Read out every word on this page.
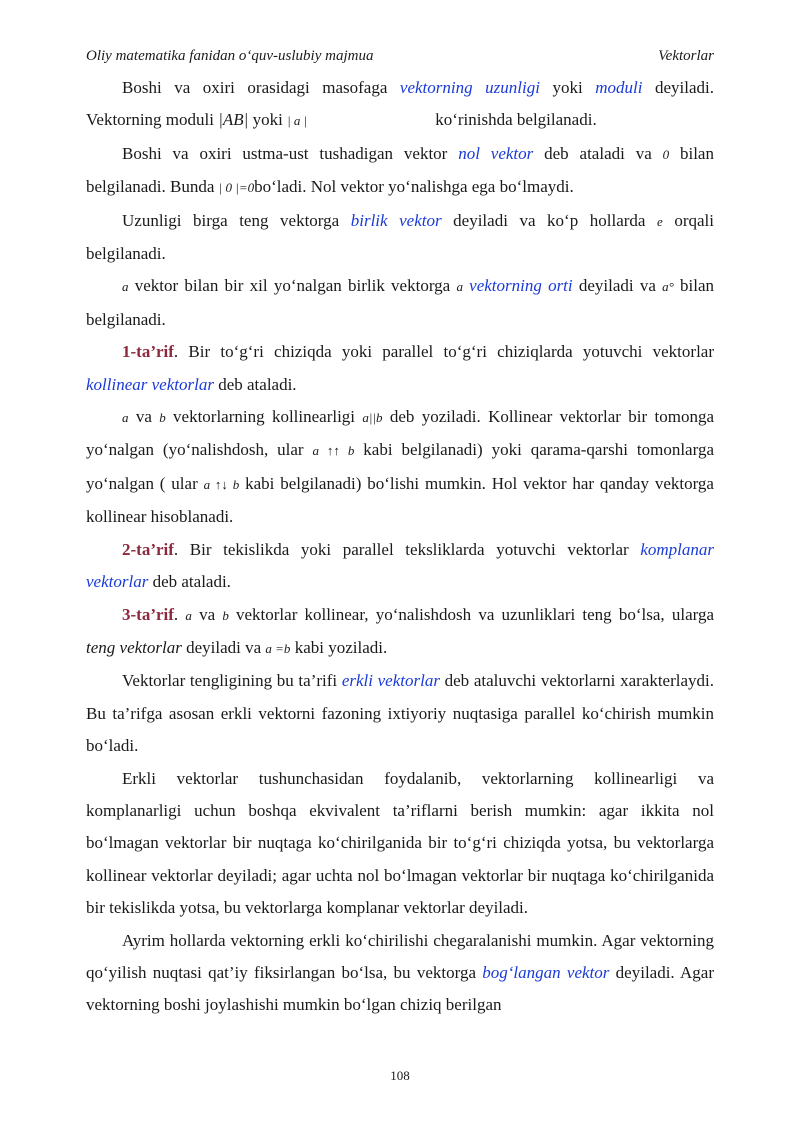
Oliy matematika fanidan o‘quv-uslubiy majmua	Vektorlar

Boshi va oxiri orasidagi masofaga vektorning uzunligi yoki moduli deyiladi. Vektorning moduli |AB| yoki | a |	ko‘rinishda belgilanadi.

Boshi va oxiri ustma-ust tushadigan vektor nol vektor deb ataladi va 0 bilan belgilanadi. Bunda | 0 |=0bo‘ladi. Nol vektor yo‘nalishga ega bo‘lmaydi.

Uzunligi birga teng vektorga birlik vektor deyiladi va ko‘p hollarda e orqali belgilanadi.

a vektor bilan bir xil yo‘nalgan birlik vektorga a vektorning orti deyiladi va a° bilan belgilanadi.

1-ta’rif. Bir to‘g‘ri chiziqda yoki parallel to‘g‘ri chiziqlarda yotuvchi vektorlar kollinear vektorlar deb ataladi.

a va b vektorlarning kollinearligi a||b deb yoziladi. Kollinear vektorlar bir tomonga yo‘nalgan (yo‘nalishdosh, ular a ↑↑ b kabi belgilanadi) yoki qarama-qarshi tomonlarga yo‘nalgan ( ular a ↑↓ b kabi belgilanadi) bo‘lishi mumkin. Hol vektor har qanday vektorga kollinear hisoblanadi.

2-ta’rif. Bir tekislikda yoki parallel teksliklarda yotuvchi vektorlar komplanar vektorlar deb ataladi.

3-ta’rif. a va b vektorlar kollinear, yo‘nalishdosh va uzunliklari teng bo‘lsa, ularga teng vektorlar deyiladi va a =b kabi yoziladi.

Vektorlar tengligining bu ta’rifi erkli vektorlar deb ataluvchi vektorlarni xarakterlaydi. Bu ta’rifga asosan erkli vektorni fazoning ixtiyoriy nuqtasiga parallel ko‘chirish mumkin bo‘ladi.

Erkli vektorlar tushunchasidan foydalanib, vektorlarning kollinearligi va komplanarligi uchun boshqa ekvivalent ta’riflarni berish mumkin: agar ikkita nol bo‘lmagan vektorlar bir nuqtaga ko‘chirilganida bir to‘g‘ri chiziqda yotsa, bu vektorlarga kollinear vektorlar deyiladi; agar uchta nol bo‘lmagan vektorlar bir nuqtaga ko‘chirilganida bir tekislikda yotsa, bu vektorlarga komplanar vektorlar deyiladi.

Ayrim hollarda vektorning erkli ko‘chirilishi chegaralanishi mumkin. Agar vektorning qo‘yilish nuqtasi qat’iy fiksirlangan bo‘lsa, bu vektorga bog‘langan vektor deyiladi. Agar vektorning boshi joylashishi mumkin bo‘lgan chiziq berilgan

108
